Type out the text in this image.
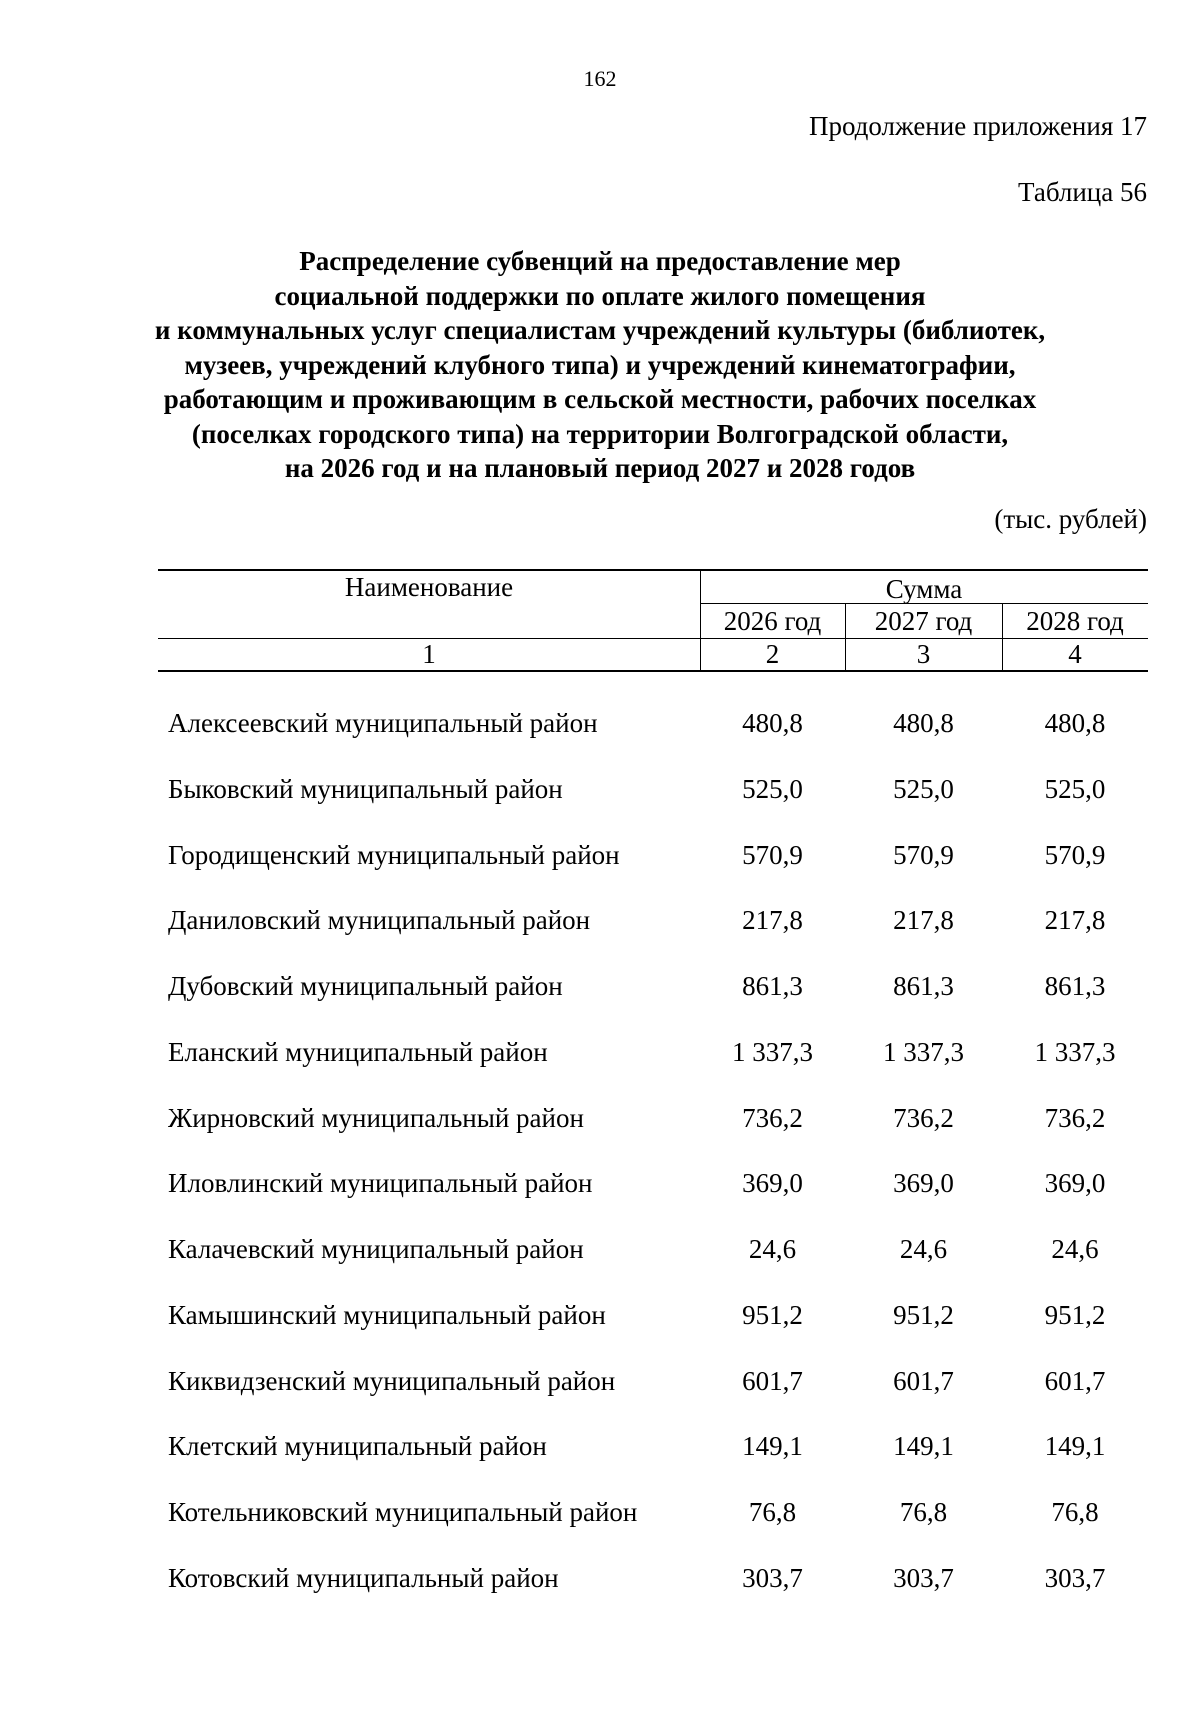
162
Продолжение приложения 17
Таблица 56
Распределение субвенций на предоставление мер
социальной поддержки по оплате жилого помещения
и коммунальных услуг специалистам учреждений культуры (библиотек,
музеев, учреждений клубного типа) и учреждений кинематографии,
работающим и проживающим в сельской местности, рабочих поселках
(поселках городского типа) на территории Волгоградской области,
на 2026 год и на плановый период 2027 и 2028 годов
(тыс. рублей)
Наименование	Сумма
2026 год	2027 год	2028 год
1	2	3	4
Алексеевский муниципальный район	480,8	480,8	480,8
Быковский муниципальный район	525,0	525,0	525,0
Городищенский муниципальный район	570,9	570,9	570,9
Даниловский муниципальный район	217,8	217,8	217,8
Дубовский муниципальный район	861,3	861,3	861,3
Еланский муниципальный район	1 337,3	1 337,3	1 337,3
Жирновский муниципальный район	736,2	736,2	736,2
Иловлинский муниципальный район	369,0	369,0	369,0
Калачевский муниципальный район	24,6	24,6	24,6
Камышинский муниципальный район	951,2	951,2	951,2
Киквидзенский муниципальный район	601,7	601,7	601,7
Клетский муниципальный район	149,1	149,1	149,1
Котельниковский муниципальный район	76,8	76,8	76,8
Котовский муниципальный район	303,7	303,7	303,7
